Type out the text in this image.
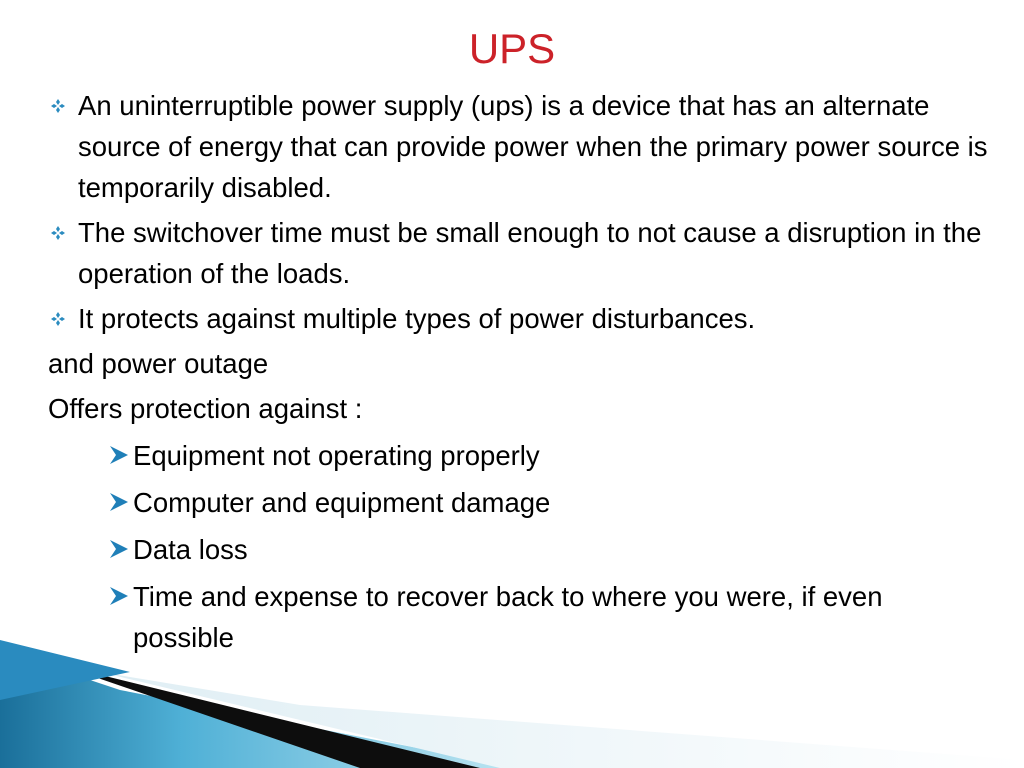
UPS
An uninterruptible power supply (ups) is a device that has an alternate source of energy that can provide power when the primary power source is temporarily disabled.
The switchover time must be small enough to not cause a disruption in the operation of the loads.
It protects against multiple types of power disturbances.
and power outage
Offers protection against :
Equipment not operating properly
Computer and equipment damage
Data loss
Time and expense to recover back to where you were, if even possible
